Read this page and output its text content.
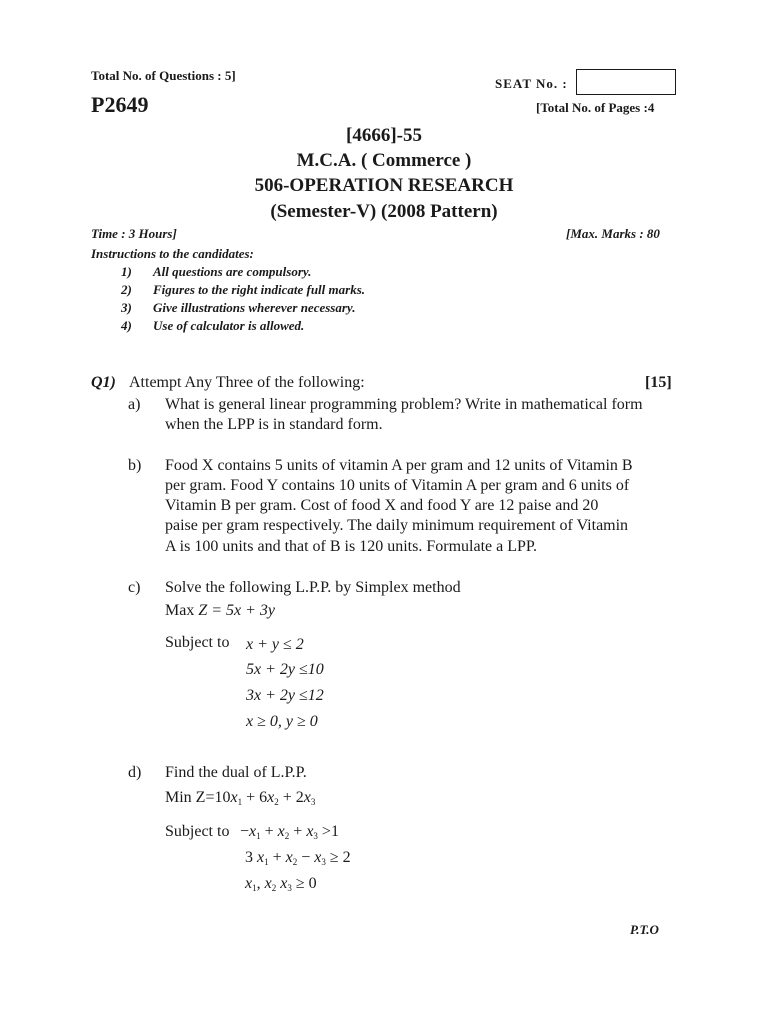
Total No. of Questions : 5]
SEAT No. :
P2649	[Total No. of Pages :4
[4666]-55
M.C.A. ( Commerce )
506-OPERATION RESEARCH
(Semester-V) (2008 Pattern)
Time : 3 Hours]	[Max. Marks : 80
Instructions to the candidates:
1) All questions are compulsory.
2) Figures to the right indicate full marks.
3) Give illustrations wherever necessary.
4) Use of calculator is allowed.
Q1) Attempt Any Three of the following:	[15]
a) What is general linear programming problem? Write in mathematical form
when the LPP is in standard form.
b) Food X contains 5 units of vitamin A per gram and 12 units of Vitamin B
per gram. Food Y contains 10 units of Vitamin A per gram and 6 units of
Vitamin B per gram. Cost of food X and food Y are 12 paise and 20
paise per gram respectively. The daily minimum requirement of Vitamin
A is 100 units and that of B is 120 units. Formulate a LPP.
c) Solve the following L.P.P. by Simplex method
Max Z = 5x + 3y
Subject to x + y ≤ 2
5x + 2y ≤10
3x + 2y ≤12
x ≥ 0, y ≥ 0
d) Find the dual of L.P.P.
Min $Z=10x_1 + 6x_2 + 2x_3$
Subject to $-x_1 + x_2 + x_3 >1$
3 $x_1 + x_2 - x_3 \ge 2$
$x_1$, $x_2$ $x_3 \ge 0$
P.T.O
